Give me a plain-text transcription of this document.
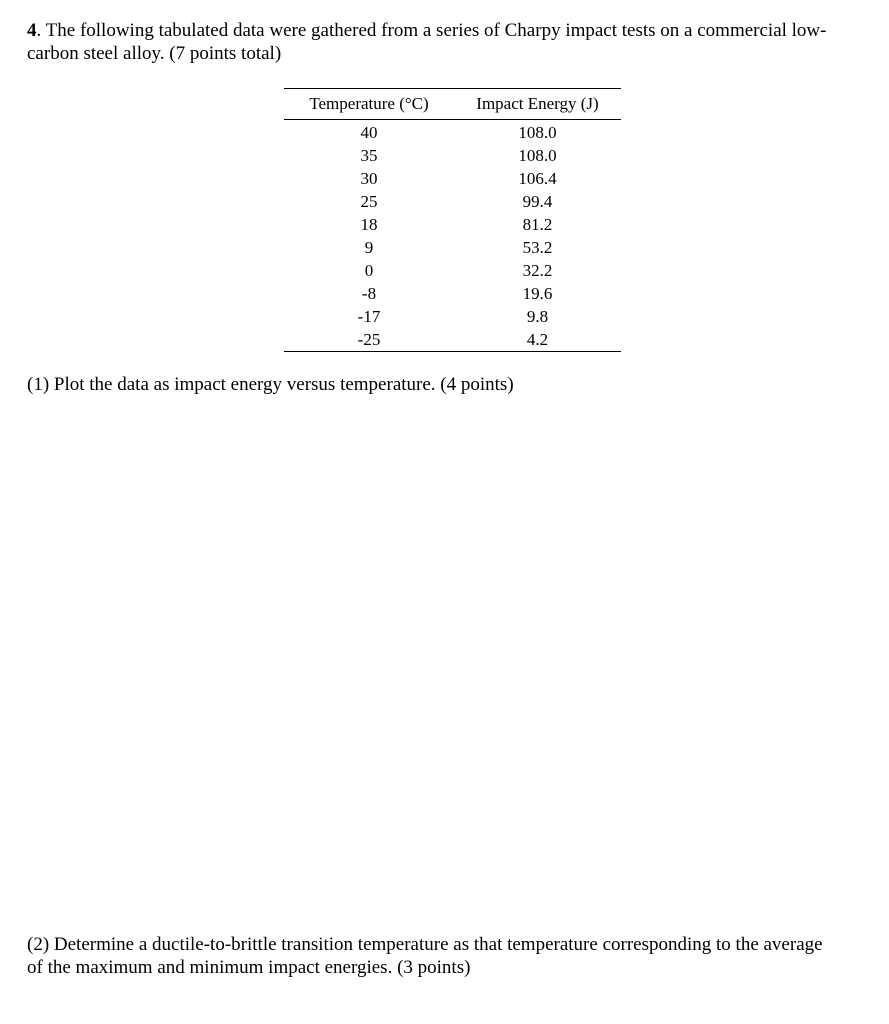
4. The following tabulated data were gathered from a series of Charpy impact tests on a commercial low-
carbon steel alloy. (7 points total)
Temperature (°C)	Impact Energy (J)
40	108.0
35	108.0
30	106.4
25	99.4
18	81.2
9	53.2
0	32.2
-8	19.6
-17	9.8
-25	4.2
(1) Plot the data as impact energy versus temperature. (4 points)
(2) Determine a ductile-to-brittle transition temperature as that temperature corresponding to the average
of the maximum and minimum impact energies. (3 points)
